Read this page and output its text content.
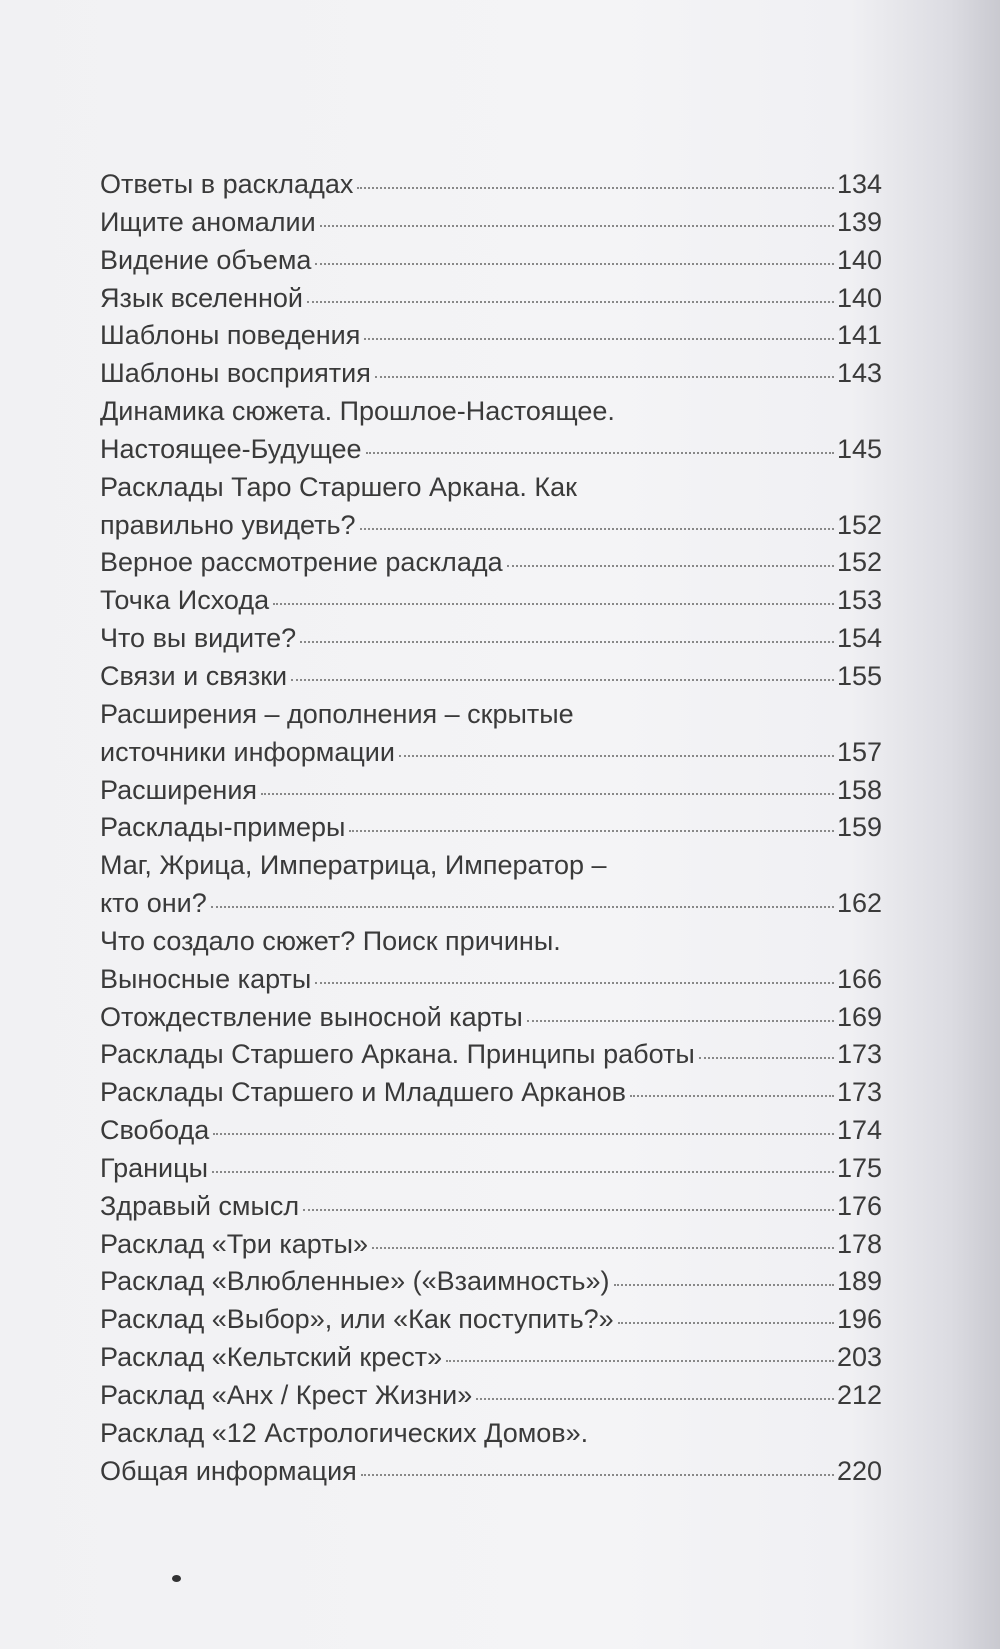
Ответы в раскладах	134
Ищите аномалии	139
Видение объема	140
Язык вселенной	140
Шаблоны поведения	141
Шаблоны восприятия	143
Динамика сюжета. Прошлое-Настоящее.
Настоящее-Будущее	145
Расклады Таро Старшего Аркана. Как
правильно увидеть?	152
Верное рассмотрение расклада	152
Точка Исхода	153
Что вы видите?	154
Связи и связки	155
Расширения – дополнения – скрытые
источники информации	157
Расширения	158
Расклады-примеры	159
Маг, Жрица, Императрица, Император –
кто они?	162
Что создало сюжет? Поиск причины.
Выносные карты	166
Отождествление выносной карты	169
Расклады Старшего Аркана. Принципы работы	173
Расклады Старшего и Младшего Арканов	173
Свобода	174
Границы	175
Здравый смысл	176
Расклад «Три карты»	178
Расклад «Влюбленные» («Взаимность»)	189
Расклад «Выбор», или «Как поступить?»	196
Расклад «Кельтский крест»	203
Расклад «Анх / Крест Жизни»	212
Расклад «12 Астрологических Домов».
Общая информация	220
